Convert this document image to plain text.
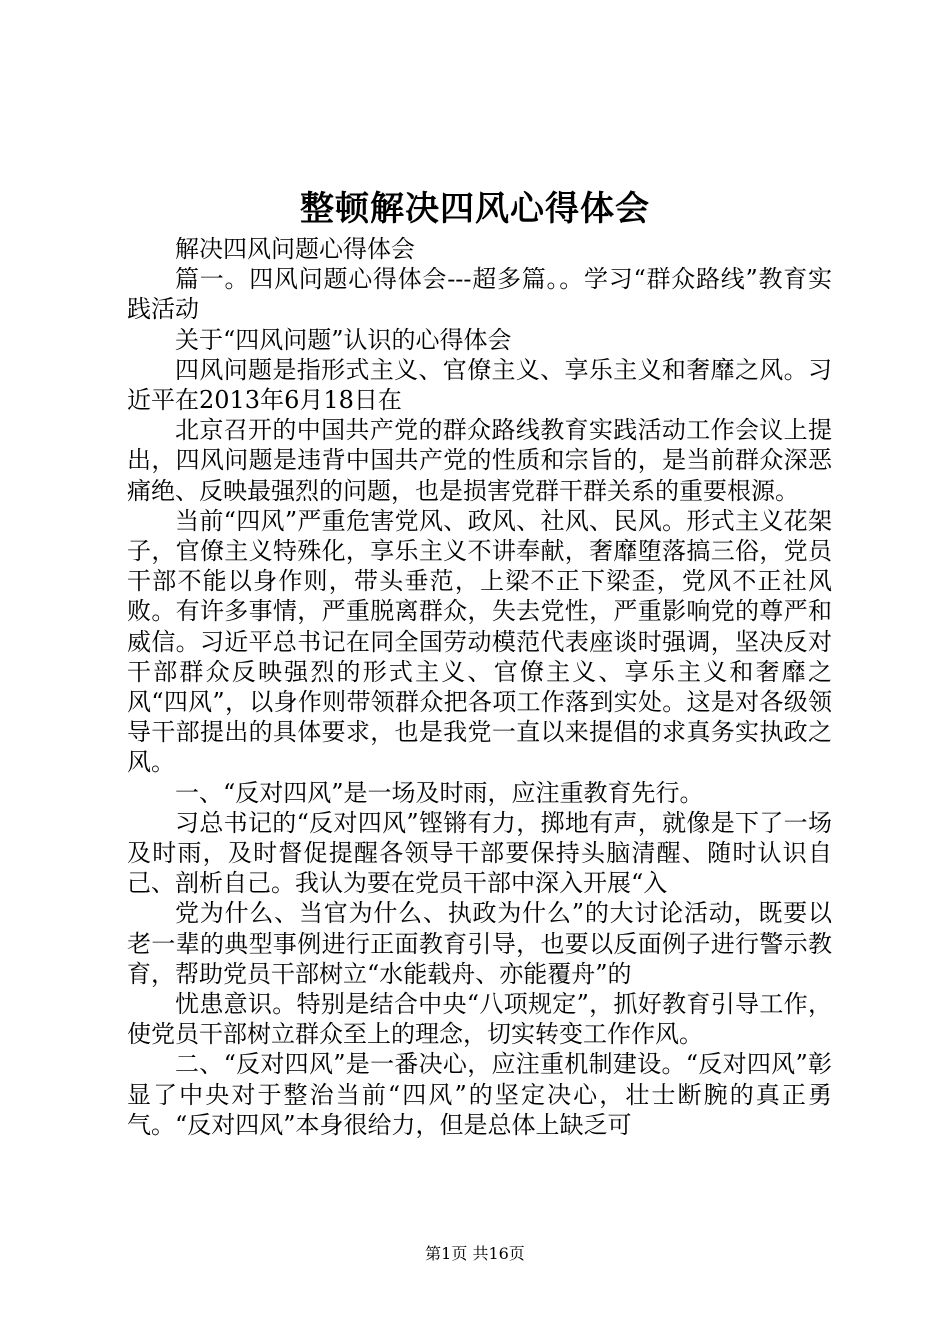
整顿解决四风心得体会

解决四风问题心得体会

篇一。四风问题心得体会---超多篇。。学习“群众路线”教育实践活动

关于“四风问题”认识的心得体会

四风问题是指形式主义、官僚主义、享乐主义和奢靡之风。习近平在2013年6月18日在

北京召开的中国共产党的群众路线教育实践活动工作会议上提出，四风问题是违背中国共产党的性质和宗旨的，是当前群众深恶痛绝、反映最强烈的问题，也是损害党群干群关系的重要根源。

当前“四风”严重危害党风、政风、社风、民风。形式主义花架子，官僚主义特殊化，享乐主义不讲奉献，奢靡堕落搞三俗，党员干部不能以身作则，带头垂范，上梁不正下梁歪，党风不正社风败。有许多事情，严重脱离群众，失去党性，严重影响党的尊严和威信。习近平总书记在同全国劳动模范代表座谈时强调，坚决反对干部群众反映强烈的形式主义、官僚主义、享乐主义和奢靡之风“四风”，以身作则带领群众把各项工作落到实处。这是对各级领导干部提出的具体要求，也是我党一直以来提倡的求真务实执政之风。

一、“反对四风”是一场及时雨，应注重教育先行。

习总书记的“反对四风”铿锵有力，掷地有声，就像是下了一场及时雨，及时督促提醒各领导干部要保持头脑清醒、随时认识自己、剖析自己。我认为要在党员干部中深入开展“入

党为什么、当官为什么、执政为什么”的大讨论活动，既要以老一辈的典型事例进行正面教育引导，也要以反面例子进行警示教育，帮助党员干部树立“水能载舟、亦能覆舟”的

忧患意识。特别是结合中央“八项规定”，抓好教育引导工作，使党员干部树立群众至上的理念，切实转变工作作风。

二、“反对四风”是一番决心，应注重机制建设。“反对四风”彰显了中央对于整治当前“四风”的坚定决心，壮士断腕的真正勇气。“反对四风”本身很给力，但是总体上缺乏可

第1页 共16页
